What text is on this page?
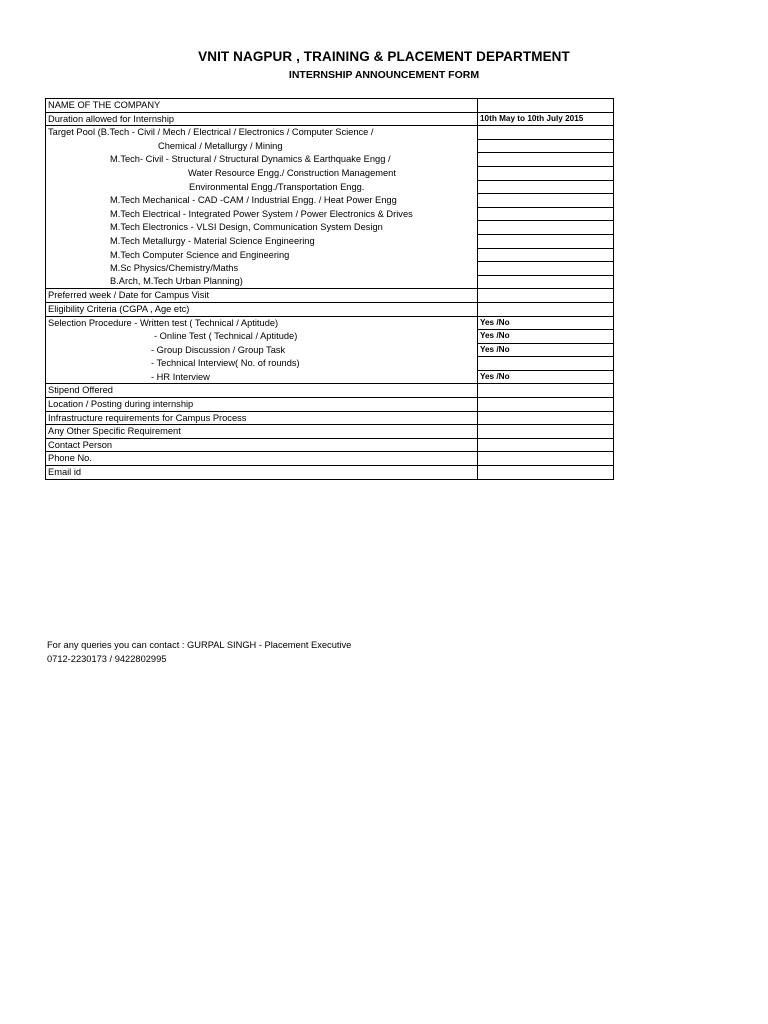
VNIT NAGPUR , TRAINING & PLACEMENT DEPARTMENT
INTERNSHIP ANNOUNCEMENT FORM
NAME OF THE COMPANY	
Duration allowed for Internship	10th May to 10th July 2015
Target Pool (B.Tech - Civil / Mech / Electrical / Electronics / Computer Science /	
Chemical / Metallurgy / Mining	
M.Tech- Civil - Structural / Structural Dynamics & Earthquake Engg /	
Water Resource Engg./ Construction Management	
Environmental Engg./Transportation Engg.	
M.Tech Mechanical - CAD -CAM / Industrial Engg. / Heat Power Engg	
M.Tech Electrical - Integrated Power System / Power Electronics & Drives	
M.Tech Electronics - VLSI Design, Communication System Design	
M.Tech Metallurgy - Material Science Engineering	
M.Tech Computer Science and Engineering	
M.Sc Physics/Chemistry/Maths	
B.Arch, M.Tech Urban Planning)	
Preferred week / Date for Campus Visit	
Eligibility Criteria (CGPA , Age etc)	
Selection Procedure - Written test ( Technical / Aptitude)	Yes /No
- Online Test ( Technical / Aptitude)	Yes /No
- Group Discussion / Group Task	Yes /No
- Technical Interview( No. of rounds)	
- HR Interview	Yes /No
Stipend Offered	
Location / Posting during internship	
Infrastructure requirements for Campus Process	
Any Other Specific Requirement	
Contact Person	
Phone No.	
Email id	
For any queries you can contact : GURPAL SINGH - Placement Executive
0712-2230173 / 9422802995
